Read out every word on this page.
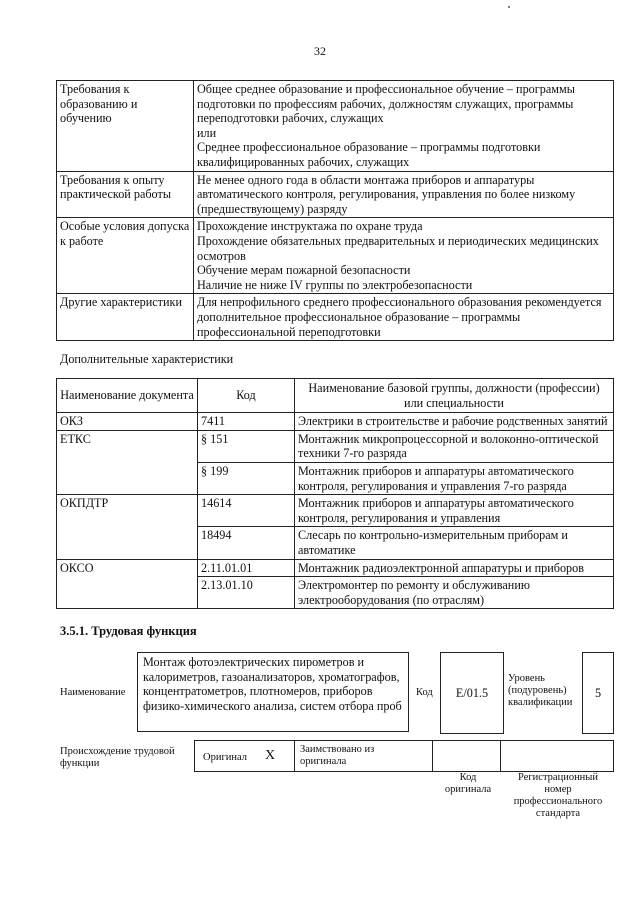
32
Требования к образованию и обучению	Общее среднее образование и профессиональное обучение – программы подготовки по профессиям рабочих, должностям служащих, программы переподготовки рабочих, служащих
или
Среднее профессиональное образование – программы подготовки квалифицированных рабочих, служащих

Требования к опыту практической работы	Не менее одного года в области монтажа приборов и аппаратуры автоматического контроля, регулирования, управления по более низкому (предшествующему) разряду

Особые условия допуска к работе	Прохождение инструктажа по охране труда
Прохождение обязательных предварительных и периодических медицинских осмотров
Обучение мерам пожарной безопасности
Наличие не ниже IV группы по электробезопасности

Другие характеристики	Для непрофильного среднего профессионального образования рекомендуется дополнительное профессиональное образование – программы профессиональной переподготовки
Дополнительные характеристики
Наименование документа	Код	Наименование базовой группы, должности (профессии) или специальности
ОКЗ	7411	Электрики в строительстве и рабочие родственных занятий
ЕТКС	§ 151	Монтажник микропроцессорной и волоконно-оптической техники 7-го разряда
	§ 199	Монтажник приборов и аппаратуры автоматического контроля, регулирования и управления 7-го разряда
ОКПДТР	14614	Монтажник приборов и аппаратуры автоматического контроля, регулирования и управления
	18494	Слесарь по контрольно-измерительным приборам и автоматике
ОКСО	2.11.01.01	Монтажник радиоэлектронной аппаратуры и приборов
	2.13.01.10	Электромонтер по ремонту и обслуживанию электрооборудования (по отраслям)
3.5.1. Трудовая функция
Наименование
Монтаж фотоэлектрических пирометров и калориметров, газоанализаторов, хроматографов, концентратометров, плотномеров, приборов физико-химического анализа, систем отбора проб
Код	E/01.5
Уровень (подуровень) квалификации
5
Происхождение трудовой функции
Оригинал X Заимствовано из оригинала
Код оригинала
Регистрационный номер профессионального стандарта
